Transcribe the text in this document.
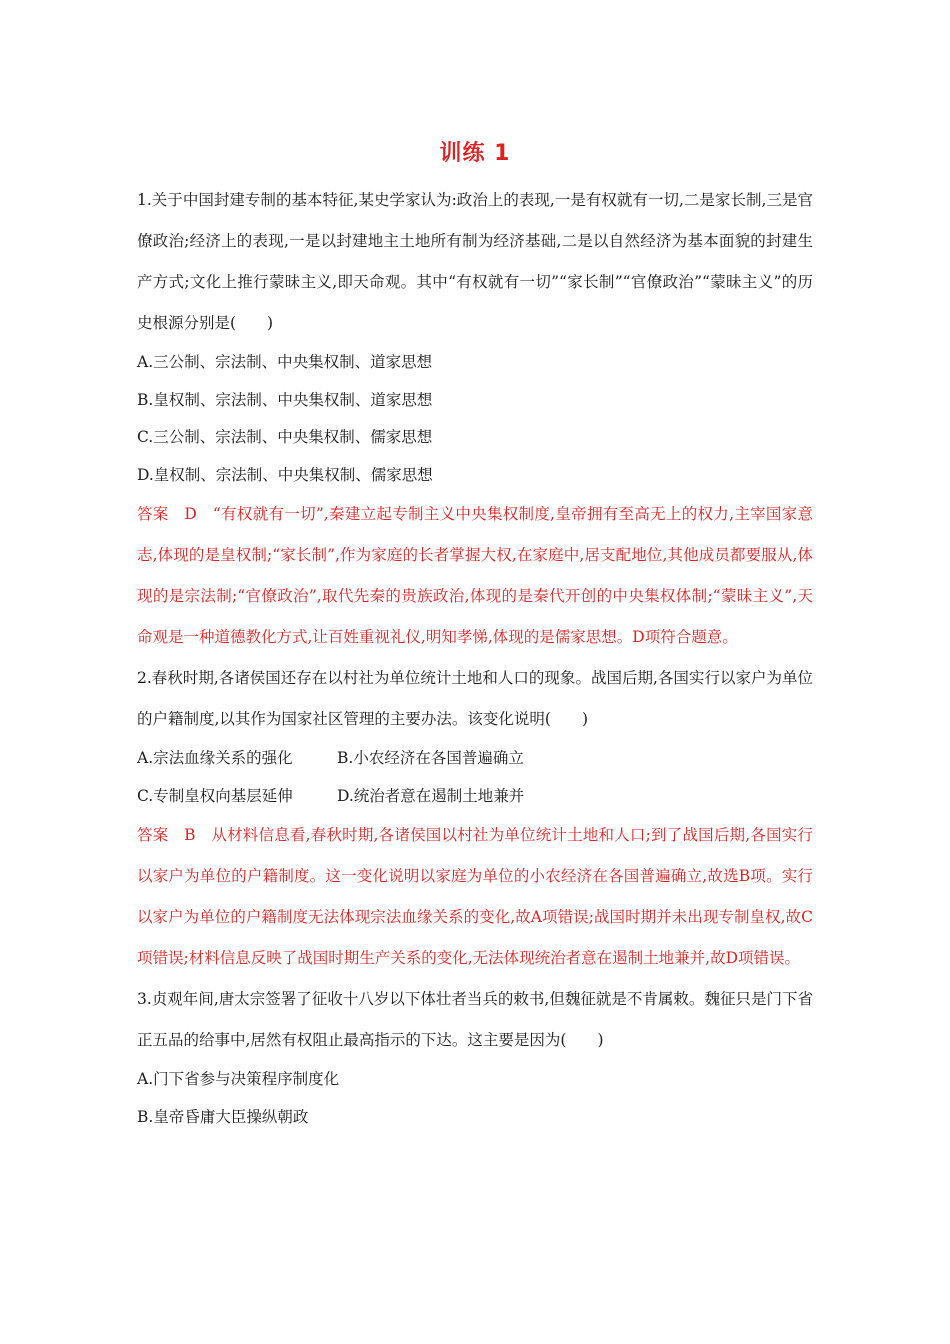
训练 1

1.关于中国封建专制的基本特征,某史学家认为:政治上的表现,一是有权就有一切,二是家长制,三是官僚政治;经济上的表现,一是以封建地主土地所有制为经济基础,二是以自然经济为基本面貌的封建生产方式;文化上推行蒙昧主义,即天命观。其中“有权就有一切”“家长制”“官僚政治”“蒙昧主义”的历史根源分别是(　　)

A.三公制、宗法制、中央集权制、道家思想

B.皇权制、宗法制、中央集权制、道家思想

C.三公制、宗法制、中央集权制、儒家思想

D.皇权制、宗法制、中央集权制、儒家思想

答案　D　“有权就有一切”,秦建立起专制主义中央集权制度,皇帝拥有至高无上的权力,主宰国家意志,体现的是皇权制;“家长制”,作为家庭的长者掌握大权,在家庭中,居支配地位,其他成员都要服从,体现的是宗法制;“官僚政治”,取代先秦的贵族政治,体现的是秦代开创的中央集权体制;“蒙昧主义”,天命观是一种道德教化方式,让百姓重视礼仪,明知孝悌,体现的是儒家思想。D项符合题意。

2.春秋时期,各诸侯国还存在以村社为单位统计土地和人口的现象。战国后期,各国实行以家户为单位的户籍制度,以其作为国家社区管理的主要办法。该变化说明(　　)

A.宗法血缘关系的强化	B.小农经济在各国普遍确立
C.专制皇权向基层延伸	D.统治者意在遏制土地兼并

答案　B　从材料信息看,春秋时期,各诸侯国以村社为单位统计土地和人口;到了战国后期,各国实行以家户为单位的户籍制度。这一变化说明以家庭为单位的小农经济在各国普遍确立,故选B项。实行以家户为单位的户籍制度无法体现宗法血缘关系的变化,故A项错误;战国时期并未出现专制皇权,故C项错误;材料信息反映了战国时期生产关系的变化,无法体现统治者意在遏制土地兼并,故D项错误。

3.贞观年间,唐太宗签署了征收十八岁以下体壮者当兵的敕书,但魏征就是不肯属敕。魏征只是门下省正五品的给事中,居然有权阻止最高指示的下达。这主要是因为(　　)

A.门下省参与决策程序制度化

B.皇帝昏庸大臣操纵朝政
